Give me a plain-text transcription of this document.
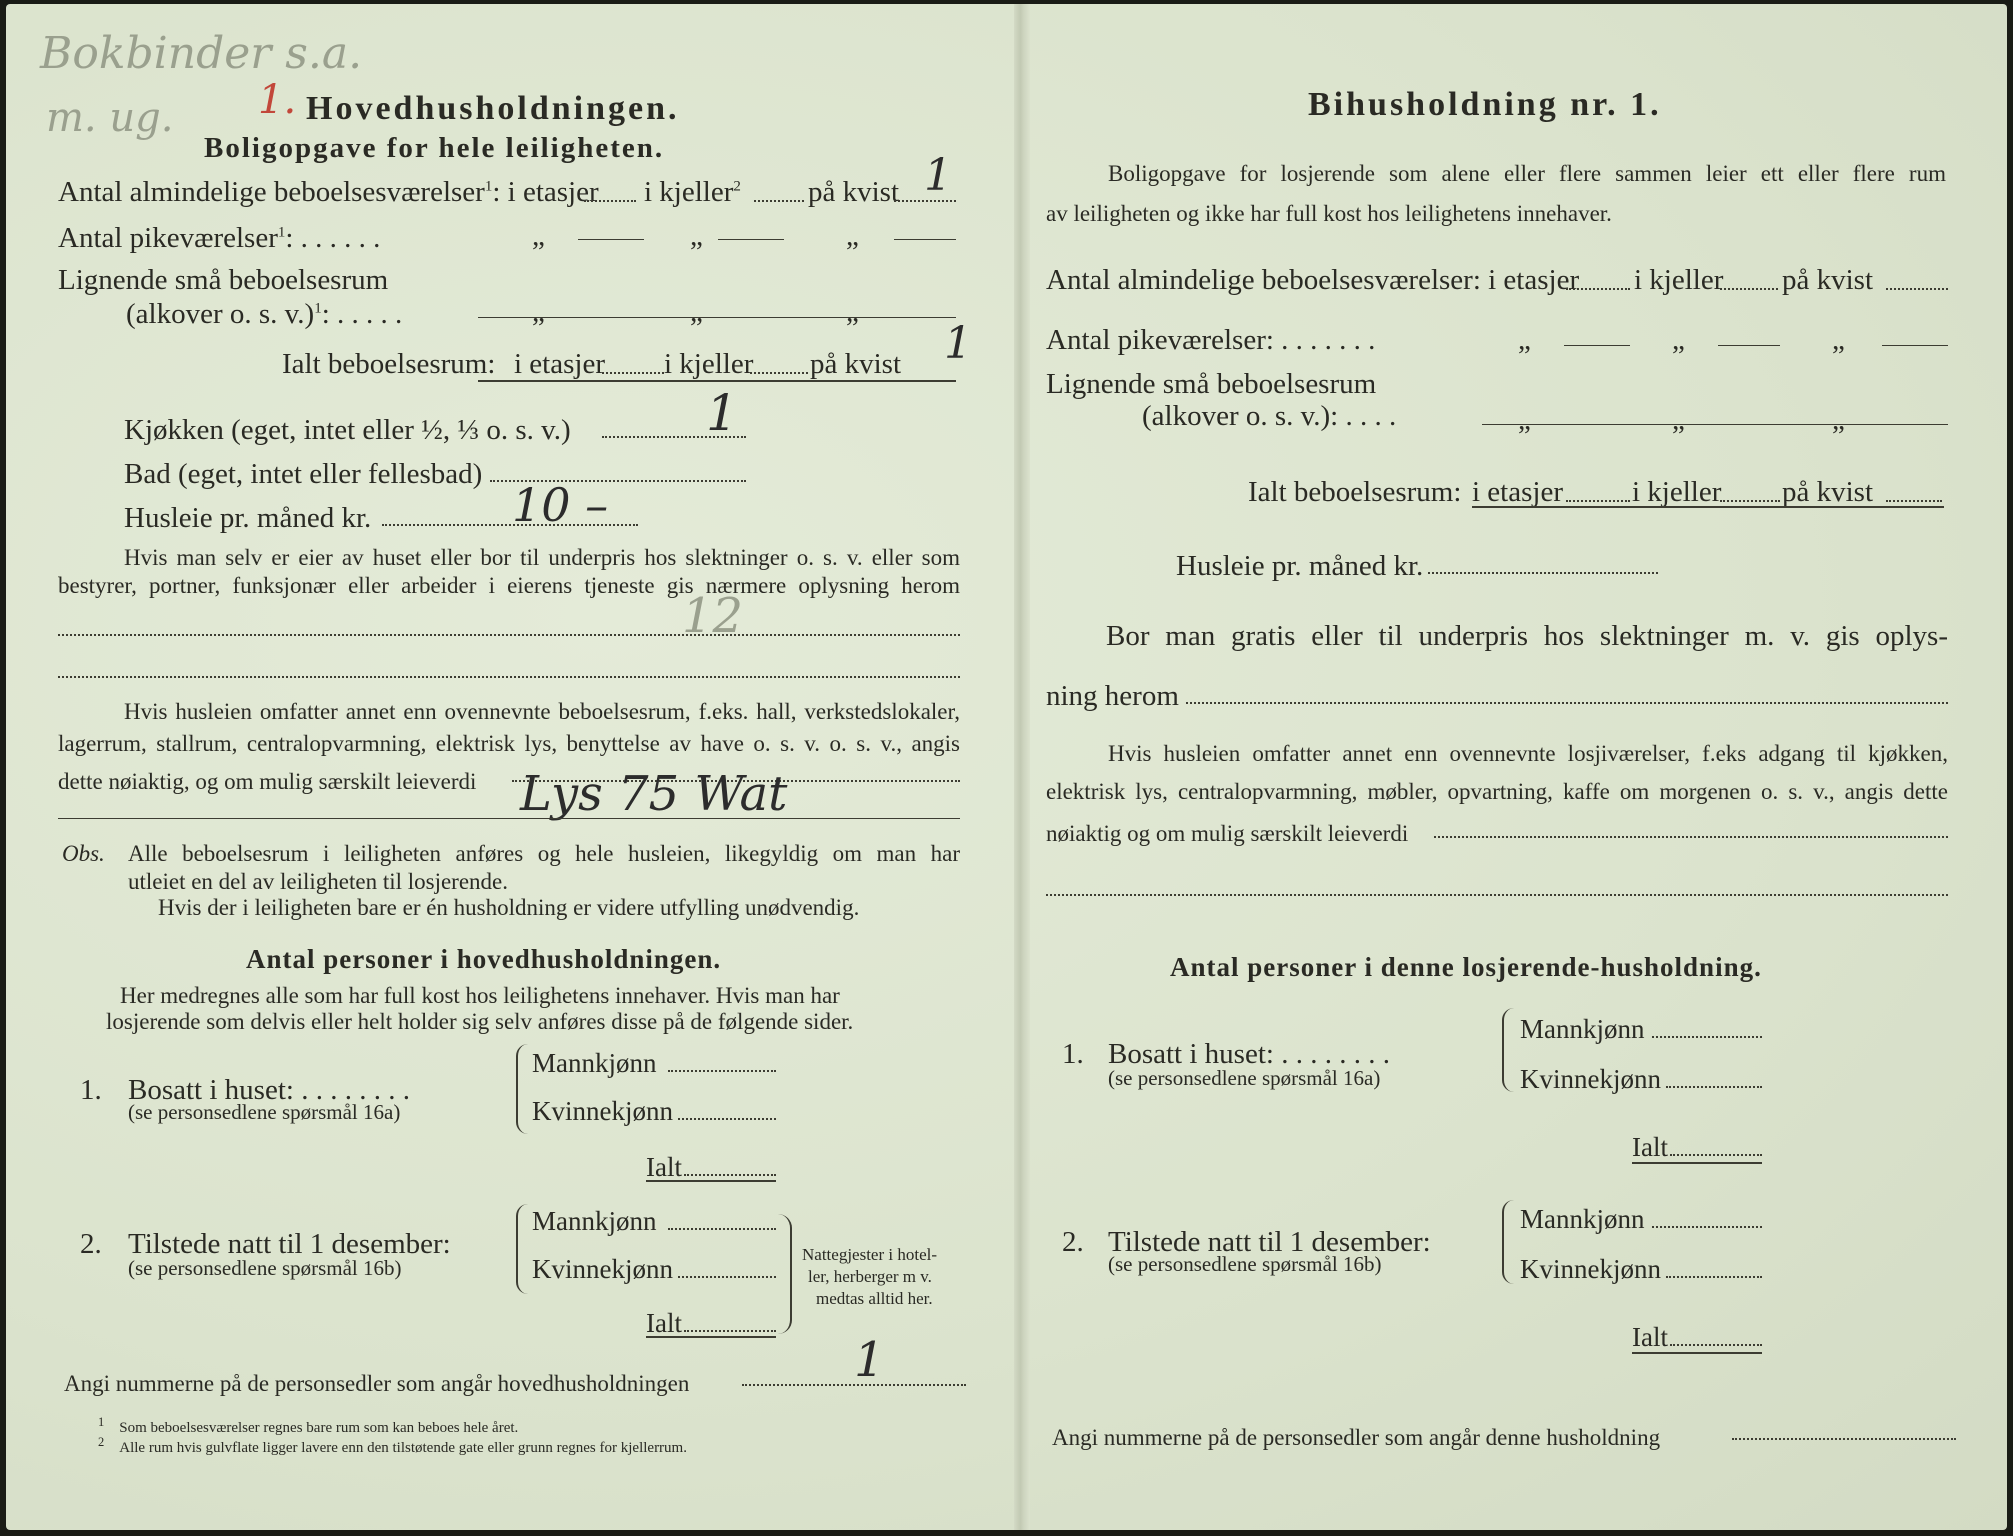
Bokbinder s.a.
m. ug. 1. Hovedhusholdningen.
Boligopgave for hele leiligheten.
Antal almindelige beboelsesværelser$^1$: i etasjer i kjeller$^2$ på kvist 1
Antal pikeværelser$^1$: . . . . . .	„	„	„
Lignende små beboelsesrum
(alkover o. s. v.)$^1$: . . . . .	„	„	„
Ialt beboelsesrum: i etasjer i kjeller på kvist 1
Kjøkken (eget, intet eller ½, ⅓ o. s. v.)	1
Bad (eget, intet eller fellesbad)
Husleie pr. måned kr.	10 –
Hvis man selv er eier av huset eller bor til underpris hos slektninger o. s. v. eller som
bestyrer, portner, funksjonær eller arbeider i eierens tjeneste gis nærmere oplysning herom
12
Hvis husleien omfatter annet enn ovennevnte beboelsesrum, f.eks. hall, verkstedslokaler,
lagerrum, stallrum, centralopvarmning, elektrisk lys, benyttelse av have o. s. v. o. s. v., angis
dette nøiaktig, og om mulig særskilt leieverdi Lys 75 Wat
Obs. Alle beboelsesrum i leiligheten anføres og hele husleien, likegyldig om man har
utleiet en del av leiligheten til losjerende.
Hvis der i leiligheten bare er én husholdning er videre utfylling unødvendig.
Antal personer i hovedhusholdningen.
Her medregnes alle som har full kost hos leilighetens innehaver. Hvis man har
losjerende som delvis eller helt holder sig selv anføres disse på de følgende sider.
1. Bosatt i huset: . . . . . . . .
(se personsedlene spørsmål 16a)
Mannkjønn
Kvinnekjønn
Ialt
2. Tilstede natt til 1 desember:
(se personsedlene spørsmål 16b)
Mannkjønn
Kvinnekjønn
Ialt
Nattegjester i hotel-
ler, herberger m v.
medtas alltid her.
Angi nummerne på de personsedler som angår hovedhusholdningen	1
$^1$ Som beboelsesværelser regnes bare rum som kan beboes hele året.
$^2$ Alle rum hvis gulvflate ligger lavere enn den tilstøtende gate eller grunn regnes for kjellerrum.
Bihusholdning nr. 1.
Boligopgave for losjerende som alene eller flere sammen leier ett eller flere rum
av leiligheten og ikke har full kost hos leilighetens innehaver.
Antal almindelige beboelsesværelser: i etasjer i kjeller på kvist
Antal pikeværelser: . . . . . . .	„	„	„
Lignende små beboelsesrum
(alkover o. s. v.): . . . .	„	„	„
Ialt beboelsesrum: i etasjer i kjeller på kvist
Husleie pr. måned kr.
Bor man gratis eller til underpris hos slektninger m. v. gis oplys-
ning herom
Hvis husleien omfatter annet enn ovennevnte losjiværelser, f.eks adgang til kjøkken,
elektrisk lys, centralopvarmning, møbler, opvartning, kaffe om morgenen o. s. v., angis dette
nøiaktig og om mulig særskilt leieverdi
Antal personer i denne losjerende-husholdning.
1. Bosatt i huset: . . . . . . . .
(se personsedlene spørsmål 16a)
Mannkjønn
Kvinnekjønn
Ialt
2. Tilstede natt til 1 desember:
(se personsedlene spørsmål 16b)
Mannkjønn
Kvinnekjønn
Ialt
Angi nummerne på de personsedler som angår denne husholdning
